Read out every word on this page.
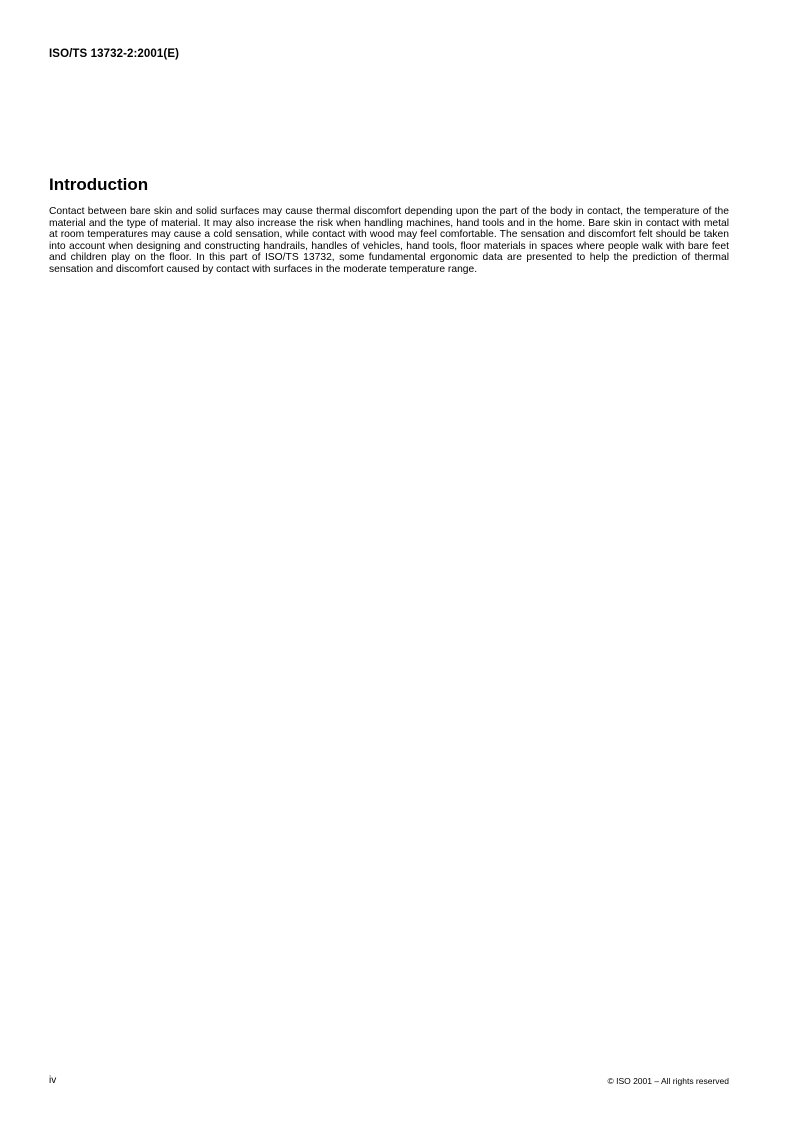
ISO/TS 13732-2:2001(E)
Introduction

Contact between bare skin and solid surfaces may cause thermal discomfort depending upon the part of the body in contact, the temperature of the material and the type of material. It may also increase the risk when handling machines, hand tools and in the home. Bare skin in contact with metal at room temperatures may cause a cold sensation, while contact with wood may feel comfortable. The sensation and discomfort felt should be taken into account when designing and constructing handrails, handles of vehicles, hand tools, floor materials in spaces where people walk with bare feet and children play on the floor. In this part of ISO/TS 13732, some fundamental ergonomic data are presented to help the prediction of thermal sensation and discomfort caused by contact with surfaces in the moderate temperature range.

iv	© ISO 2001 – All rights reserved
